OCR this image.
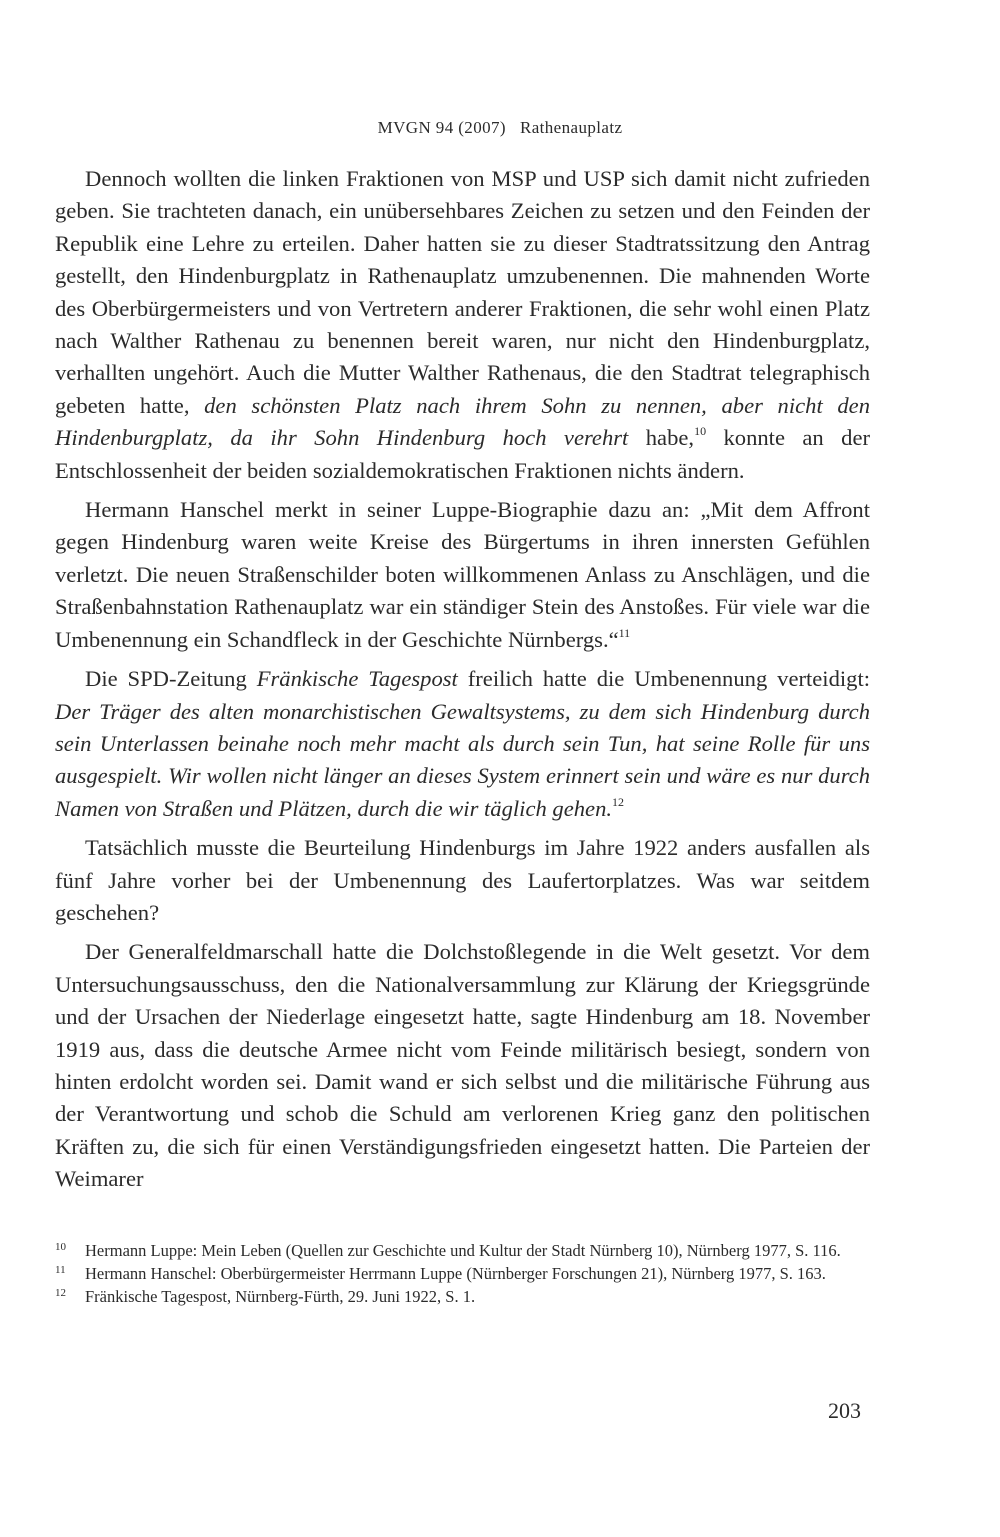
MVGN 94 (2007) Rathenauplatz

Dennoch wollten die linken Fraktionen von MSP und USP sich damit nicht zufrieden geben. Sie trachteten danach, ein unübersehbares Zeichen zu setzen und den Feinden der Republik eine Lehre zu erteilen. Daher hatten sie zu dieser Stadtratssitzung den Antrag gestellt, den Hindenburgplatz in Rathenauplatz umzubenennen. Die mahnenden Worte des Oberbürgermeisters und von Vertretern anderer Fraktionen, die sehr wohl einen Platz nach Walther Rathenau zu benennen bereit waren, nur nicht den Hindenburgplatz, verhallten ungehört. Auch die Mutter Walther Rathenaus, die den Stadtrat telegraphisch gebeten hatte, den schönsten Platz nach ihrem Sohn zu nennen, aber nicht den Hindenburgplatz, da ihr Sohn Hindenburg hoch verehrt habe,$^{10}$ konnte an der Entschlossenheit der beiden sozialdemokratischen Fraktionen nichts ändern.

Hermann Hanschel merkt in seiner Luppe-Biographie dazu an: „Mit dem Affront gegen Hindenburg waren weite Kreise des Bürgertums in ihren innersten Gefühlen verletzt. Die neuen Straßenschilder boten willkommenen Anlass zu Anschlägen, und die Straßenbahnstation Rathenauplatz war ein ständiger Stein des Anstoßes. Für viele war die Umbenennung ein Schandfleck in der Geschichte Nürnbergs.“$^{11}$

Die SPD-Zeitung Fränkische Tagespost freilich hatte die Umbenennung verteidigt: Der Träger des alten monarchistischen Gewaltsystems, zu dem sich Hindenburg durch sein Unterlassen beinahe noch mehr macht als durch sein Tun, hat seine Rolle für uns ausgespielt. Wir wollen nicht länger an dieses System erinnert sein und wäre es nur durch Namen von Straßen und Plätzen, durch die wir täglich gehen.$^{12}$

Tatsächlich musste die Beurteilung Hindenburgs im Jahre 1922 anders ausfallen als fünf Jahre vorher bei der Umbenennung des Laufertorplatzes. Was war seitdem geschehen?

Der Generalfeldmarschall hatte die Dolchstoßlegende in die Welt gesetzt. Vor dem Untersuchungsausschuss, den die Nationalversammlung zur Klärung der Kriegsgründe und der Ursachen der Niederlage eingesetzt hatte, sagte Hindenburg am 18. November 1919 aus, dass die deutsche Armee nicht vom Feinde militärisch besiegt, sondern von hinten erdolcht worden sei. Damit wand er sich selbst und die militärische Führung aus der Verantwortung und schob die Schuld am verlorenen Krieg ganz den politischen Kräften zu, die sich für einen Verständigungsfrieden eingesetzt hatten. Die Parteien der Weimarer

10 Hermann Luppe: Mein Leben (Quellen zur Geschichte und Kultur der Stadt Nürnberg 10), Nürnberg 1977, S. 116.
11 Hermann Hanschel: Oberbürgermeister Herrmann Luppe (Nürnberger Forschungen 21), Nürnberg 1977, S. 163.
12 Fränkische Tagespost, Nürnberg-Fürth, 29. Juni 1922, S. 1.
203
